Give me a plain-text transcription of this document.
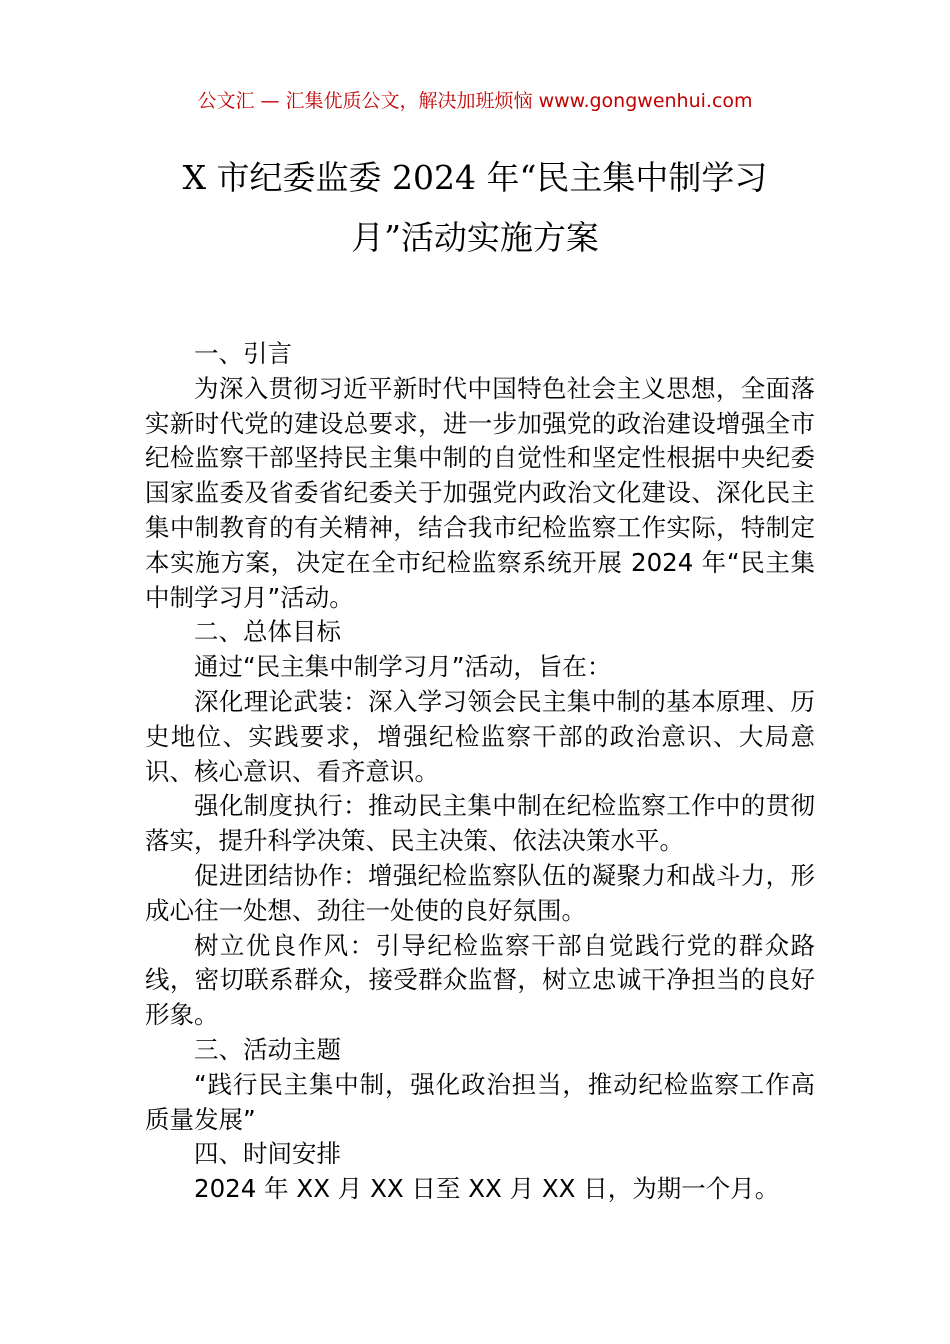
公文汇 — 汇集优质公文，解决加班烦恼 www.gongwenhui.com
X 市纪委监委 2024 年“民主集中制学习
月”活动实施方案

一、引言

为深入贯彻习近平新时代中国特色社会主义思想，全面落实新时代党的建设总要求，进一步加强党的政治建设增强全市纪检监察干部坚持民主集中制的自觉性和坚定性根据中央纪委国家监委及省委省纪委关于加强党内政治文化建设、深化民主集中制教育的有关精神，结合我市纪检监察工作实际，特制定本实施方案，决定在全市纪检监察系统开展 2024 年“民主集中制学习月”活动。

二、总体目标

通过“民主集中制学习月”活动，旨在：

深化理论武装：深入学习领会民主集中制的基本原理、历史地位、实践要求，增强纪检监察干部的政治意识、大局意识、核心意识、看齐意识。

强化制度执行：推动民主集中制在纪检监察工作中的贯彻落实，提升科学决策、民主决策、依法决策水平。

促进团结协作：增强纪检监察队伍的凝聚力和战斗力，形成心往一处想、劲往一处使的良好氛围。

树立优良作风：引导纪检监察干部自觉践行党的群众路线，密切联系群众，接受群众监督，树立忠诚干净担当的良好形象。

三、活动主题

“践行民主集中制，强化政治担当，推动纪检监察工作高质量发展”

四、时间安排

2024 年 XX 月 XX 日至 XX 月 XX 日，为期一个月。
